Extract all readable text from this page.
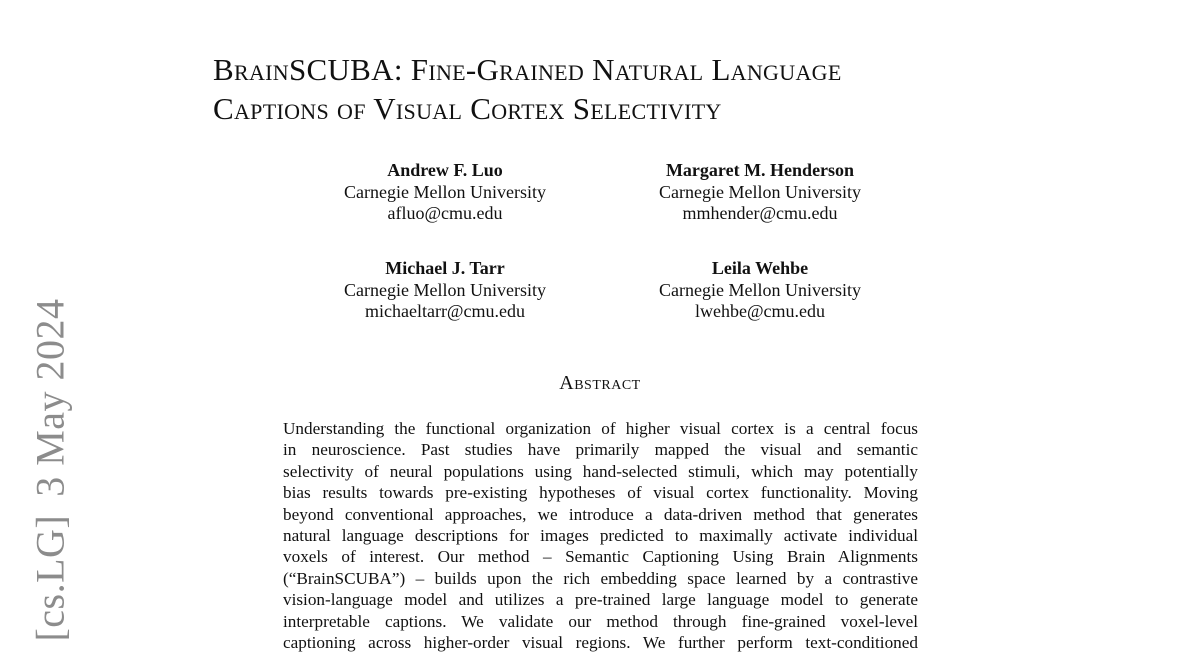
[cs.LG]3 May 2024
BrainSCUBA: Fine-Grained Natural Language
Captions of Visual Cortex Selectivity
Andrew F. Luo
Carnegie Mellon University
afluo@cmu.edu
Margaret M. Henderson
Carnegie Mellon University
mmhender@cmu.edu
Michael J. Tarr
Carnegie Mellon University
michaeltarr@cmu.edu
Leila Wehbe
Carnegie Mellon University
lwehbe@cmu.edu
Abstract
Understanding the functional organization of higher visual cortex is a central focus
in neuroscience. Past studies have primarily mapped the visual and semantic
selectivity of neural populations using hand-selected stimuli, which may potentially
bias results towards pre-existing hypotheses of visual cortex functionality. Moving
beyond conventional approaches, we introduce a data-driven method that generates
natural language descriptions for images predicted to maximally activate individual
voxels of interest. Our method – Semantic Captioning Using Brain Alignments
(“BrainSCUBA”) – builds upon the rich embedding space learned by a contrastive
vision-language model and utilizes a pre-trained large language model to generate
interpretable captions. We validate our method through fine-grained voxel-level
captioning across higher-order visual regions. We further perform text-conditioned
